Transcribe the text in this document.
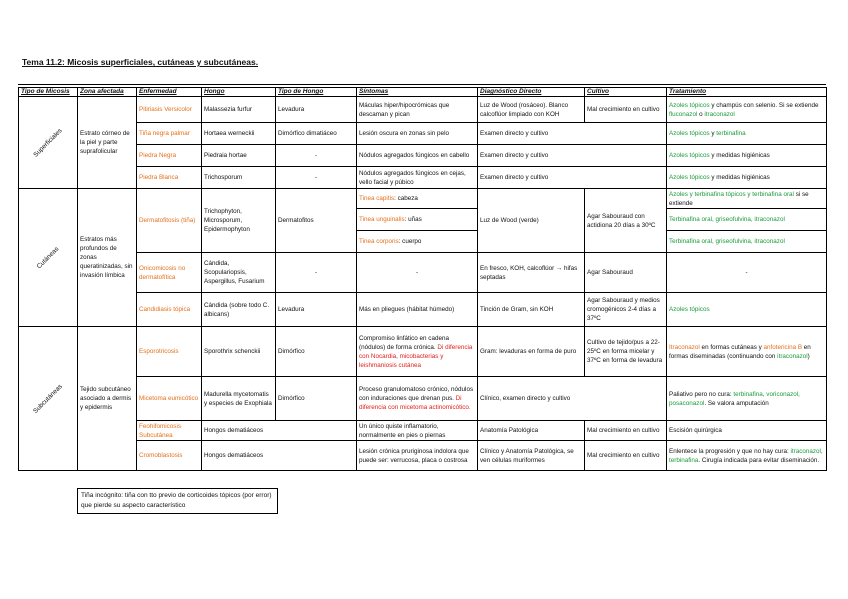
Tema 11.2: Micosis superficiales, cutáneas y subcutáneas.
Tipo de Micosis	Zona afectada	Enfermedad	Hongo	Tipo de Hongo	Síntomas	Diagnóstico Directo	Cultivo	Tratamiento

Superficiales	Estrato córneo de la piel y parte suprafolicular	Pitiriasis Versicolor	Malassezia furfur	Levadura	Máculas hiper/hipocrómicas que descaman y pican	Luz de Wood (rosáceo). Blanco calcoflúor limpiado con KOH	Mal crecimiento en cultivo	Azoles tópicos y champús con selenio. Si se extiende fluconazol o itraconazol
		Tiña negra palmar	Hortaea werneckii	Dimórfico dimatiáceo	Lesión oscura en zonas sin pelo	Examen directo y cultivo		Azoles tópicos y terbinafina
		Piedra Negra	Piedraia hortae	-	Nódulos agregados fúngicos en cabello	Examen directo y cultivo		Azoles tópicos y medidas higiénicas
		Piedra Blanca	Trichosporum	-	Nódulos agregados fúngicos en cejas, vello facial y púbico	Examen directo y cultivo		Azoles tópicos y medidas higiénicas

Cutáneas	Estratos más profundos de zonas queratinizadas, sin invasión límbica	Dermatofitosis (tiña)	Trichophyton, Microsporum, Epidermophyton	Dermatofitos	Tinea capitis: cabeza	Luz de Wood (verde)	Agar Sabouraud con actidiona 20 días a 30ºC	Azoles y terbinafina tópicos y terbinafina oral si se extiende
					Tinea unguinalis: uñas			Terbinafina oral, griseofulvina, itraconazol
					Tinea corporis: cuerpo			Terbinafina oral, griseofulvina, itraconazol
		Onicomicosis no dermatofítica	Cándida, Scopulariopsis, Aspergillus, Fusarium	-	-	En fresco, KOH, calcoflúor → hifas septadas	Agar Sabouraud	-
		Candidiasis tópica	Cándida (sobre todo C. albicans)	Levadura	Más en pliegues (hábitat húmedo)	Tinción de Gram, sin KOH	Agar Sabouraud y medios cromogénicos 2-4 días a 37ºC	Azoles tópicos

Subcutáneas	Tejido subcutáneo asociado a dermis y epidermis	Esporotricosis	Sporothrix schenckii	Dimórfico	Compromiso linfático en cadena (nódulos) de forma crónica. Di diferencia con Nocardia, micobacterias y leishmaniosis cutánea	Gram: levaduras en forma de puro	Cultivo de tejido/pus a 22-25ºC en forma micelar y 37ºC en forma de levadura	Itraconazol en formas cutáneas y anfotericina B en formas diseminadas (continuando con itraconazol)
		Micetoma eumicótico	Madurella mycetomatis y especies de Exophiala	Dimórfico	Proceso granulomatoso crónico, nódulos con induraciones que drenan pus. Di diferencia con micetoma actinomicótico.	Clínico, examen directo y cultivo		Paliativo pero no cura: terbinafina, voriconazol, posaconazol. Se valora amputación
		Feohifomicosis Subcutánea	Hongos dematiáceos		Un único quiste inflamatorio, normalmente en pies o piernas	Anatomía Patológica	Mal crecimiento en cultivo	Escisión quirúrgica
		Cromoblastosis	Hongos dematiáceos		Lesión crónica pruriginosa indolora que puede ser: verrucosa, placa o costrosa	Clínico y Anatomía Patológica, se ven células muriformes	Mal crecimiento en cultivo	Enlentece la progresión y que no hay cura: itraconazol, terbinafina. Cirugía indicada para evitar diseminación.
Tiña incógnito: tiña con tto previo de corticoides tópicos (por error) que pierde su aspecto característico
